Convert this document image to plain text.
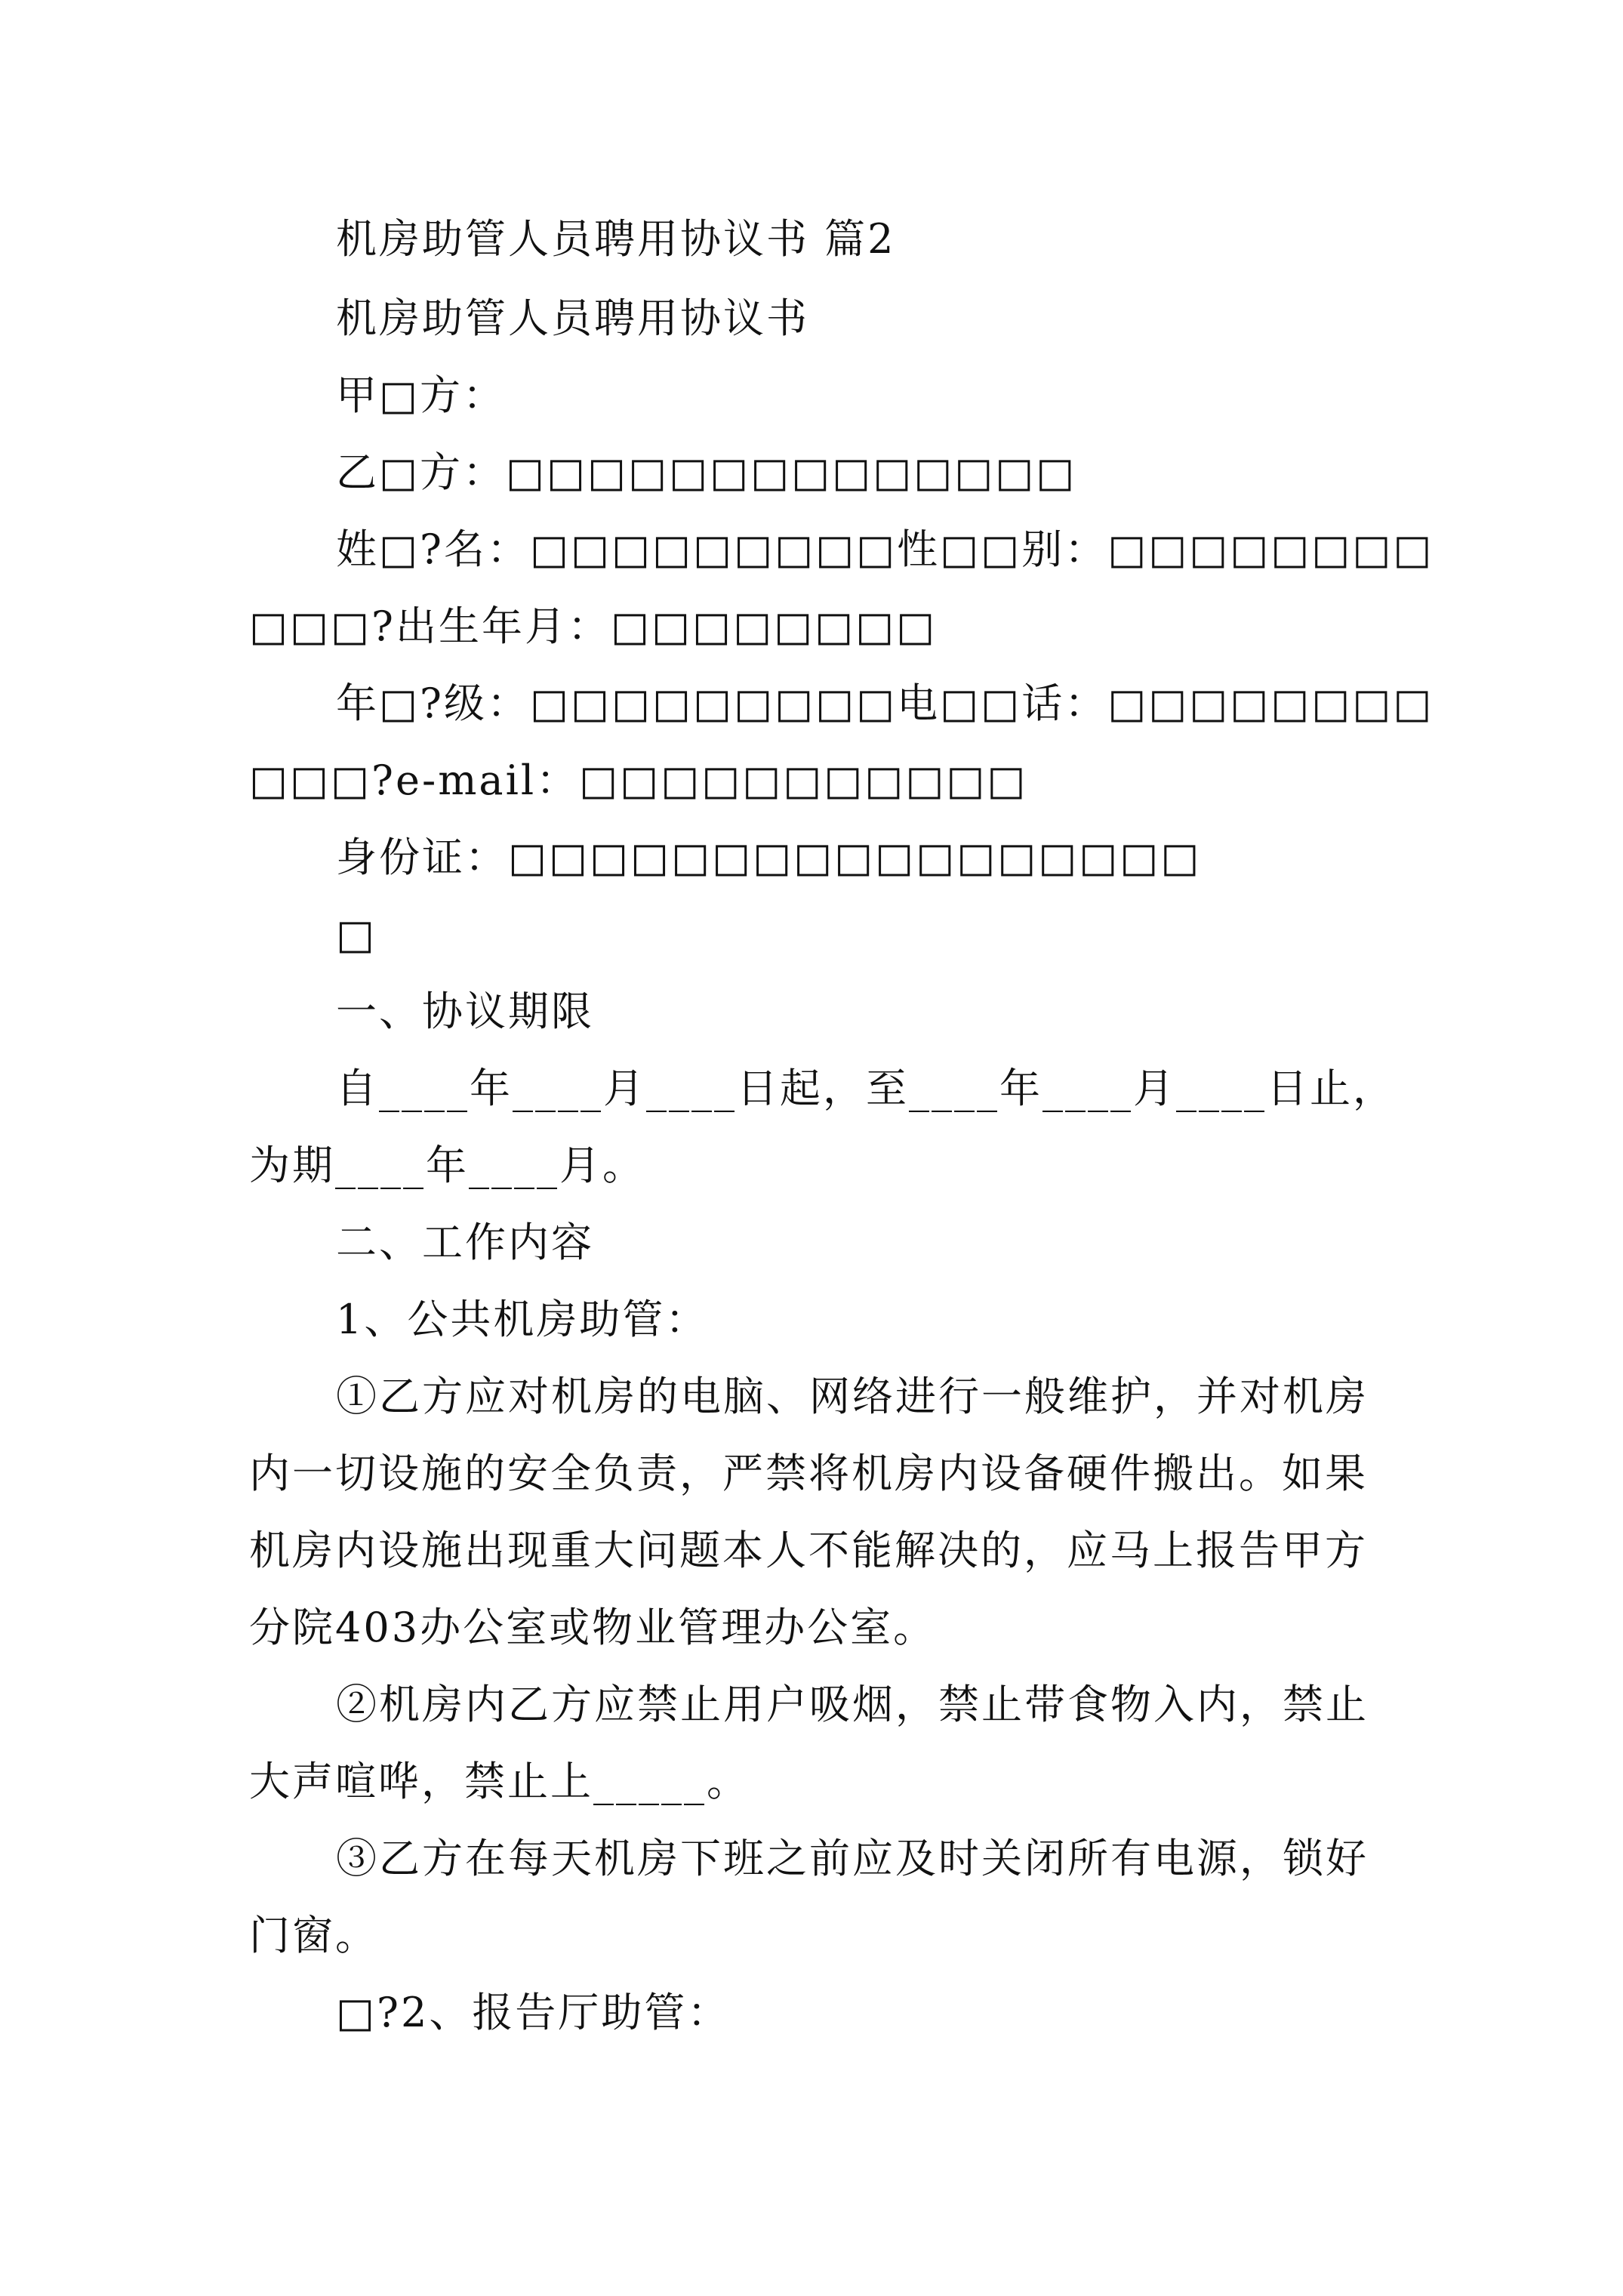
机房助管人员聘用协议书 篇2
机房助管人员聘用协议书
甲□方：
乙□方：□□□□□□□□□□□□□□
姓□?名：□□□□□□□□□性□□别：□□□□□□□□
□□□?出生年月：□□□□□□□□
年□?级：□□□□□□□□□电□□话：□□□□□□□□
□□□?e-mail：□□□□□□□□□□□
身份证：□□□□□□□□□□□□□□□□□
□
一、协议期限
自____年____月____日起，至____年____月____日止，
为期____年____月。
二、工作内容
1、公共机房助管：
①乙方应对机房的电脑、网络进行一般维护，并对机房
内一切设施的安全负责，严禁将机房内设备硬件搬出。如果
机房内设施出现重大问题本人不能解决的，应马上报告甲方
分院403办公室或物业管理办公室。
②机房内乙方应禁止用户吸烟，禁止带食物入内，禁止
大声喧哗，禁止上_____。
③乙方在每天机房下班之前应及时关闭所有电源，锁好
门窗。
□?2、报告厅助管：
